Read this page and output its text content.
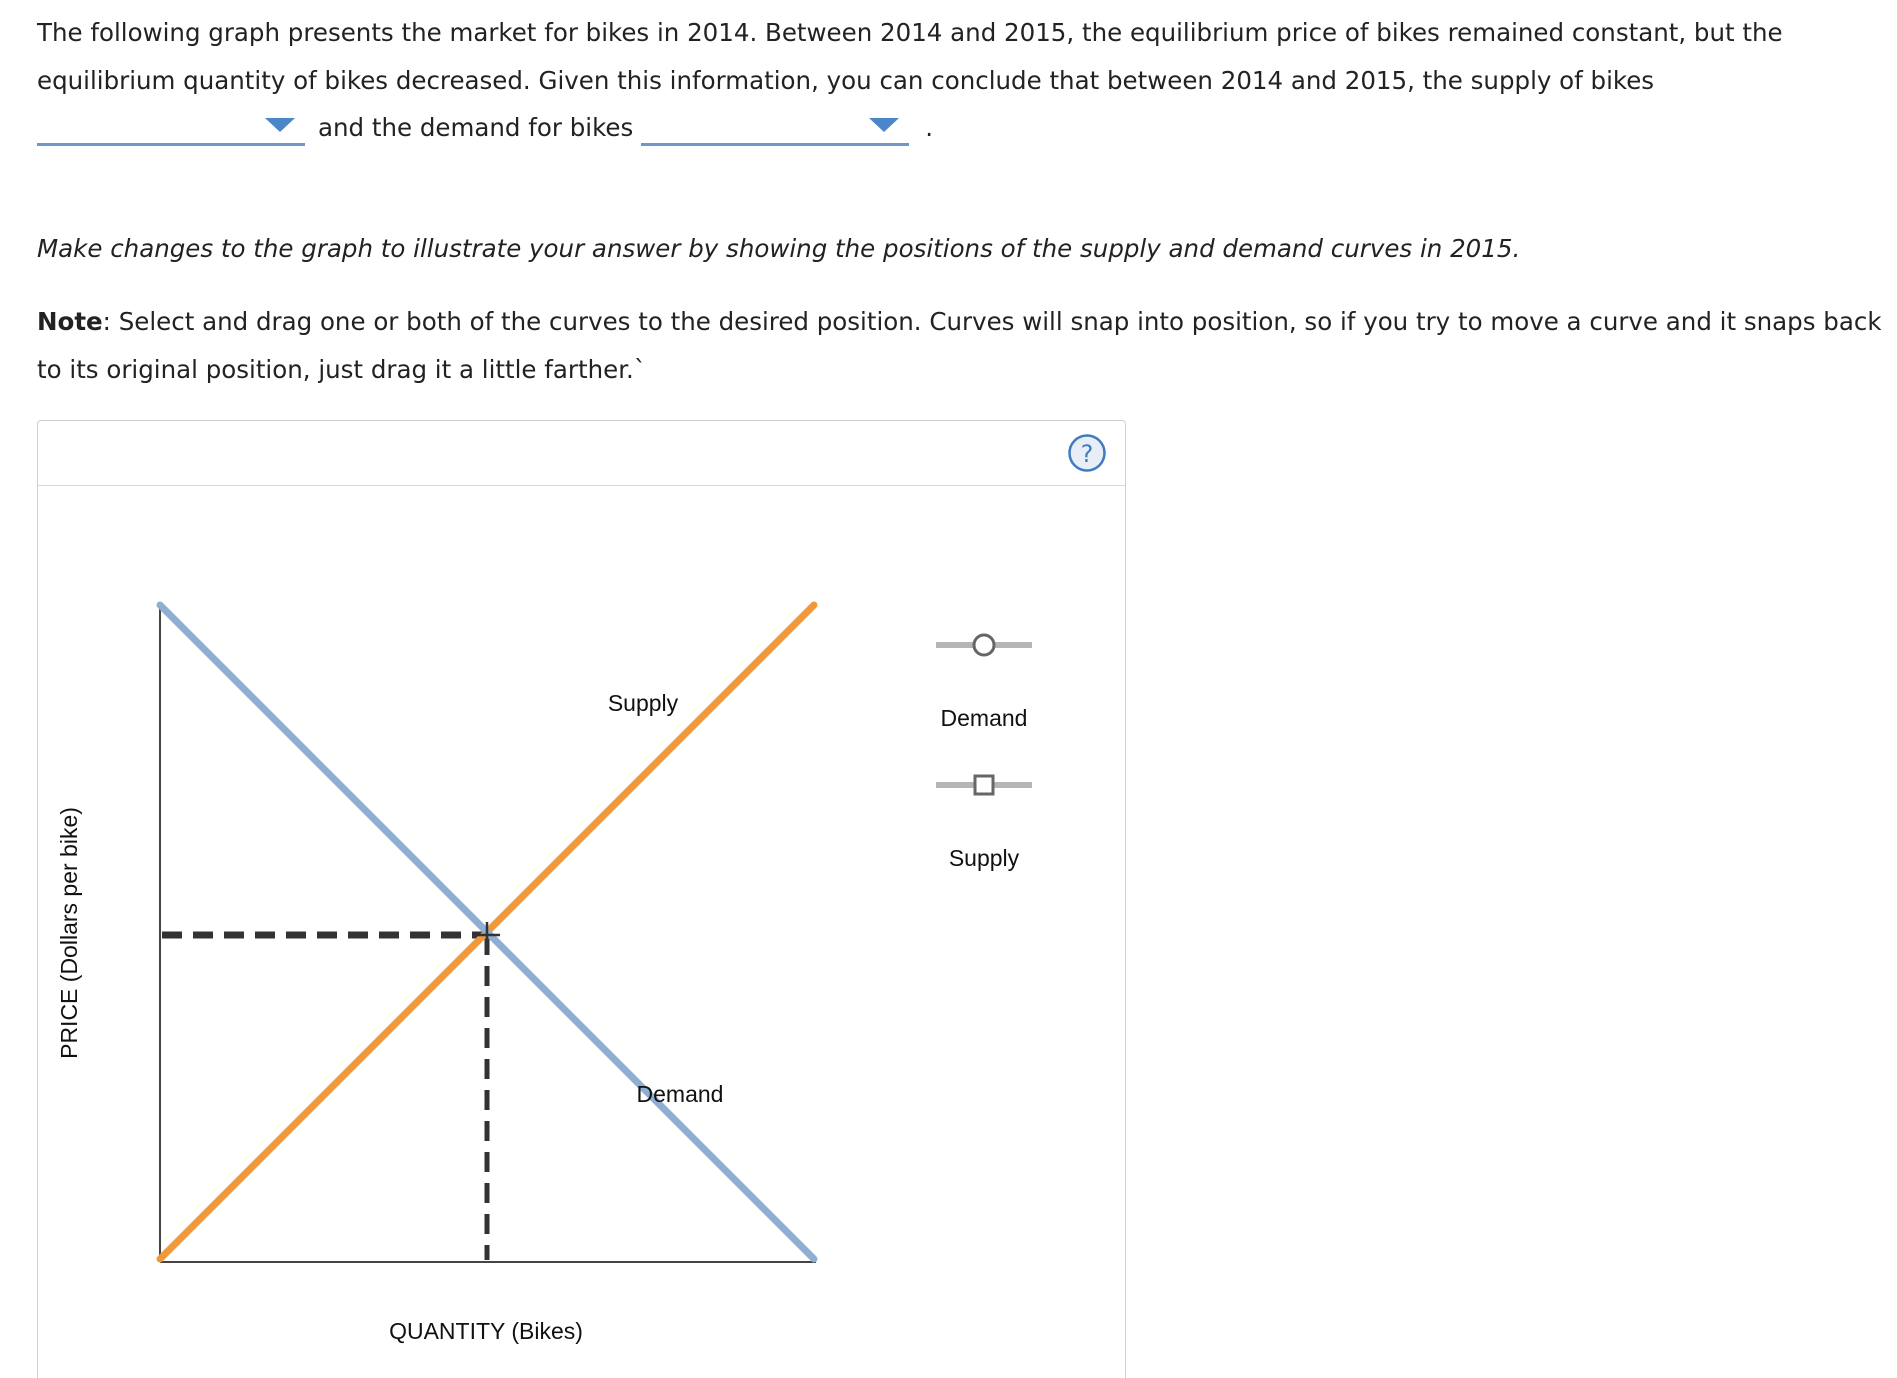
The following graph presents the market for bikes in 2014. Between 2014 and 2015, the equilibrium price of bikes remained constant, but the
equilibrium quantity of bikes decreased. Given this information, you can conclude that between 2014 and 2015, the supply of bikes
and the demand for bikes	.
Make changes to the graph to illustrate your answer by showing the positions of the supply and demand curves in 2015.
Note: Select and drag one or both of the curves to the desired position. Curves will snap into position, so if you try to move a curve and it snaps back to its original position, just drag it a little farther.`
?
Supply
Demand
QUANTITY (Bikes)
PRICE (Dollars per bike)
Demand
Supply
